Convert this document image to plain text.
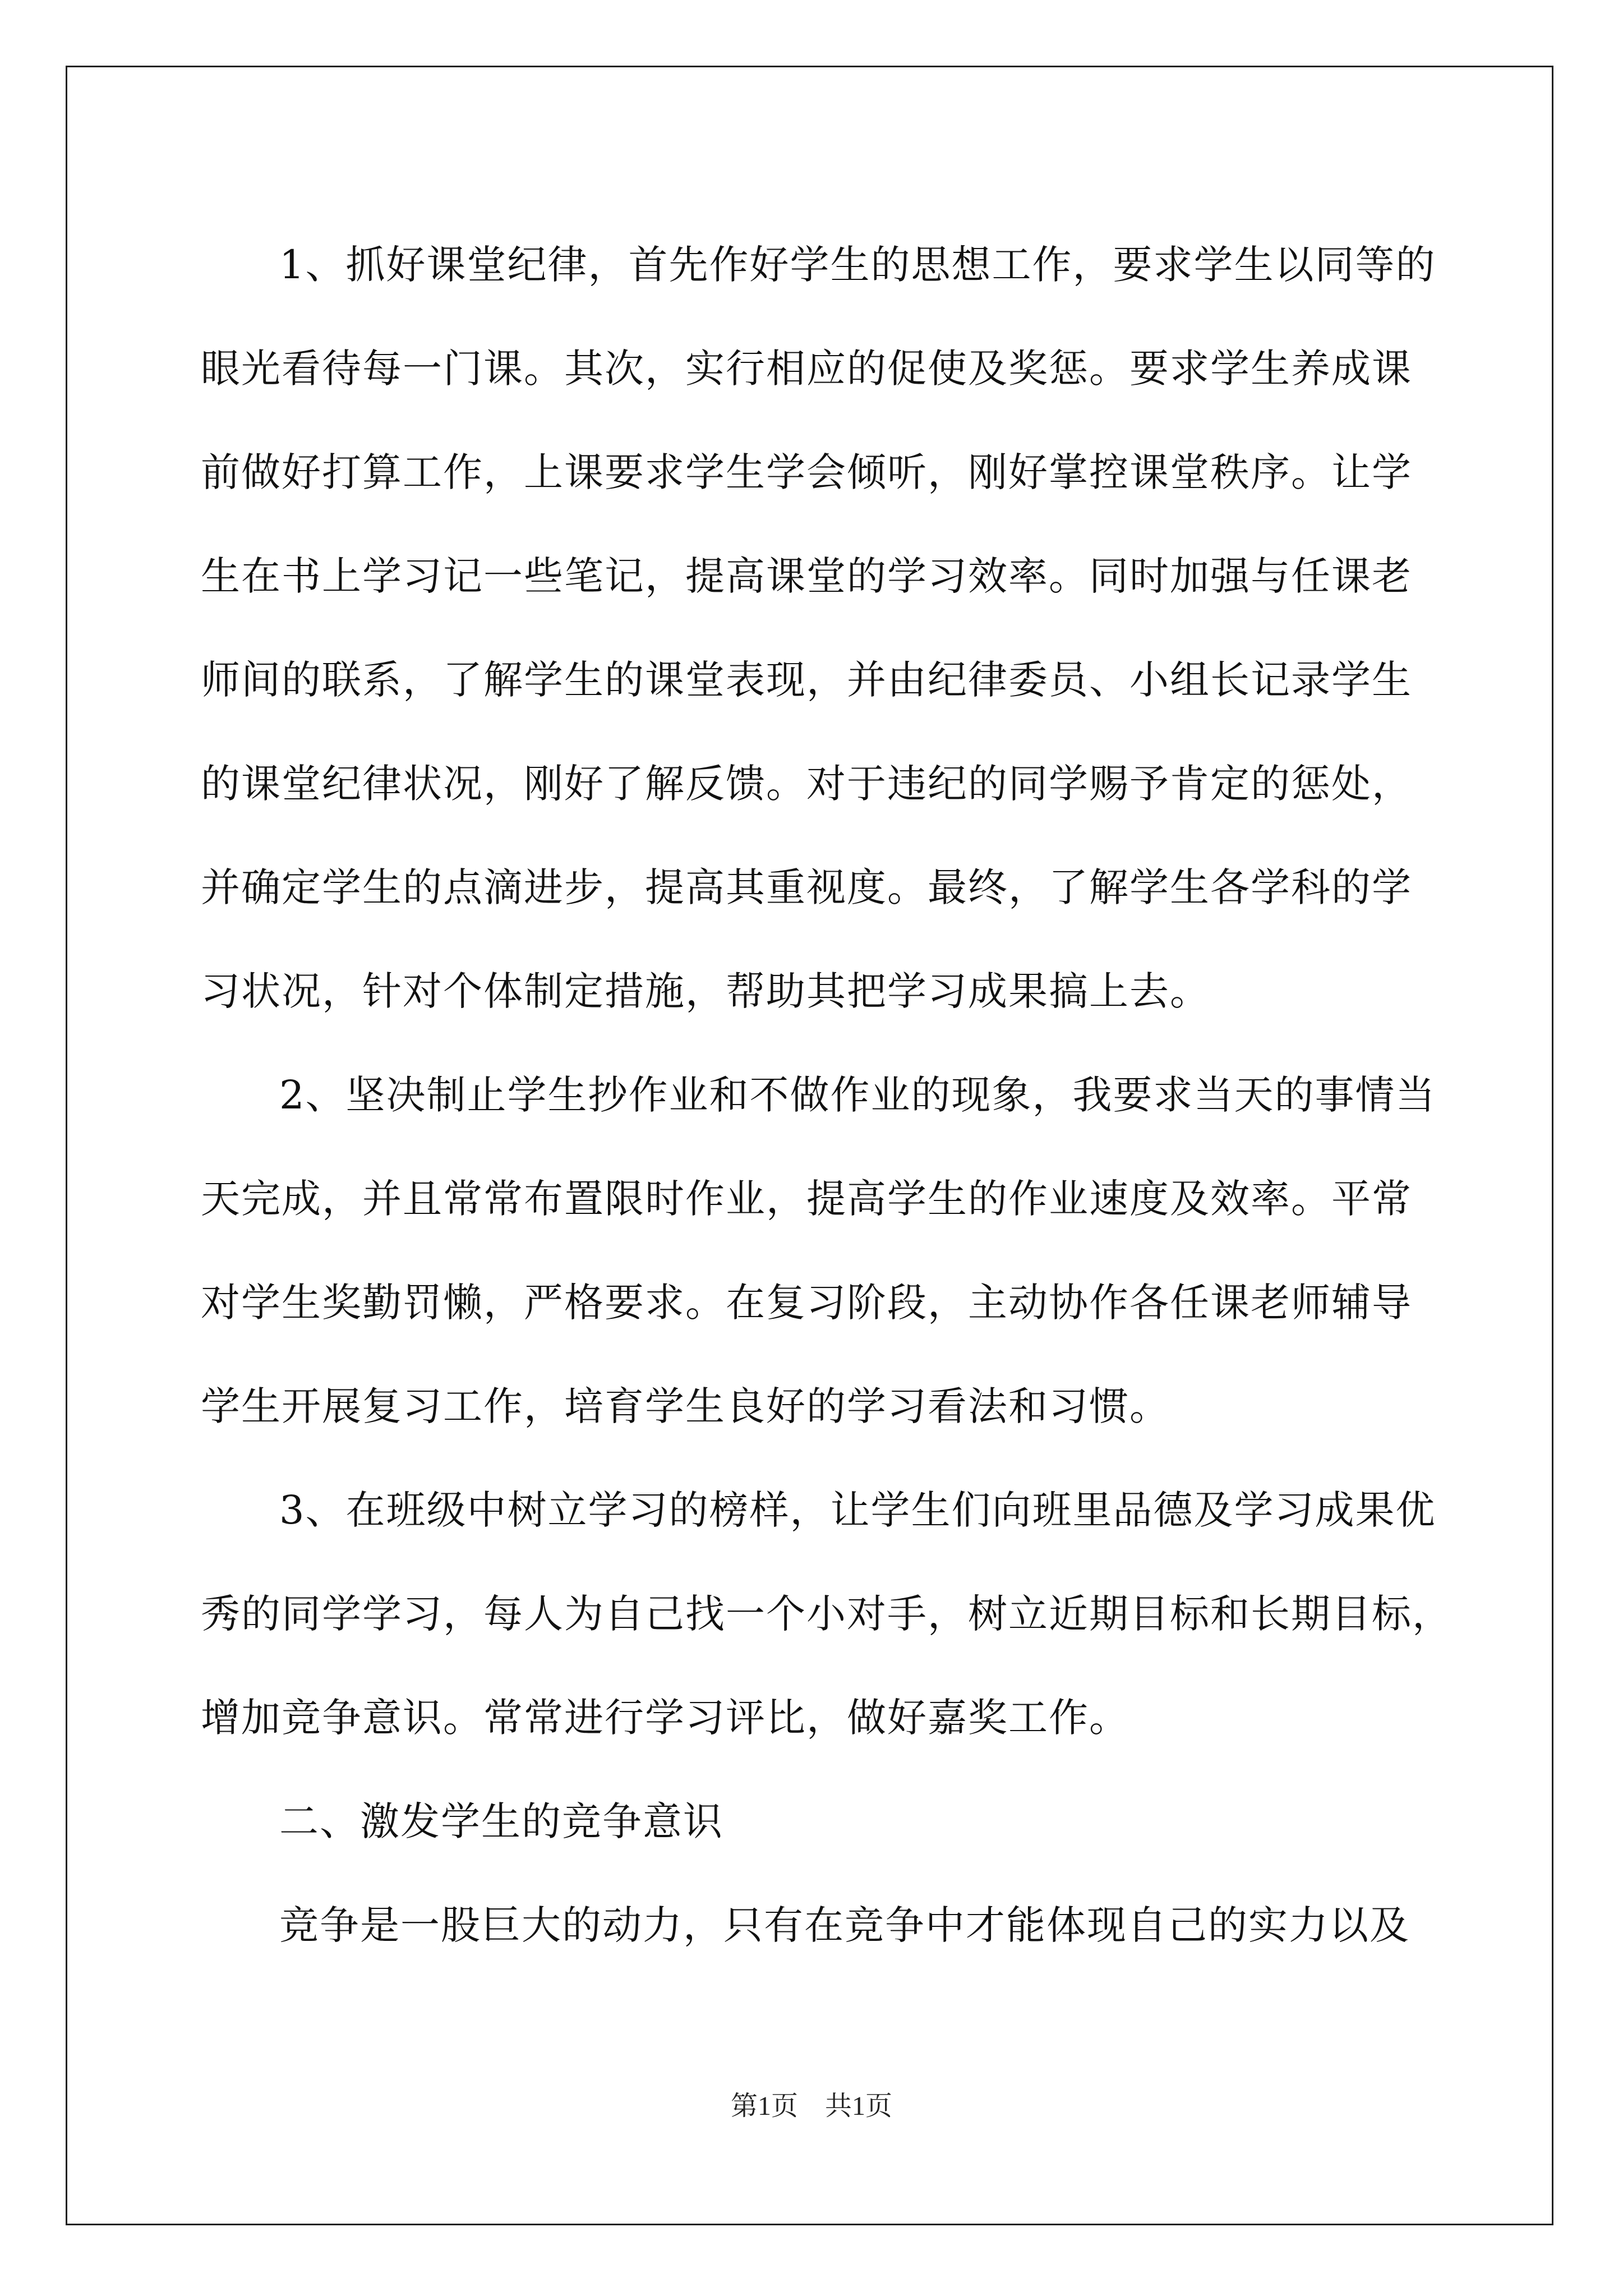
1、抓好课堂纪律，首先作好学生的思想工作，要求学生以同等的
眼光看待每一门课。其次，实行相应的促使及奖惩。要求学生养成课
前做好打算工作，上课要求学生学会倾听，刚好掌控课堂秩序。让学
生在书上学习记一些笔记，提高课堂的学习效率。同时加强与任课老
师间的联系，了解学生的课堂表现，并由纪律委员、小组长记录学生
的课堂纪律状况，刚好了解反馈。对于违纪的同学赐予肯定的惩处，
并确定学生的点滴进步，提高其重视度。最终，了解学生各学科的学
习状况，针对个体制定措施，帮助其把学习成果搞上去。
2、坚决制止学生抄作业和不做作业的现象，我要求当天的事情当
天完成，并且常常布置限时作业，提高学生的作业速度及效率。平常
对学生奖勤罚懒，严格要求。在复习阶段，主动协作各任课老师辅导
学生开展复习工作，培育学生良好的学习看法和习惯。
3、在班级中树立学习的榜样，让学生们向班里品德及学习成果优
秀的同学学习，每人为自己找一个小对手，树立近期目标和长期目标，
增加竞争意识。常常进行学习评比，做好嘉奖工作。
二、激发学生的竞争意识
竞争是一股巨大的动力，只有在竞争中才能体现自己的实力以及
第1页　共1页
